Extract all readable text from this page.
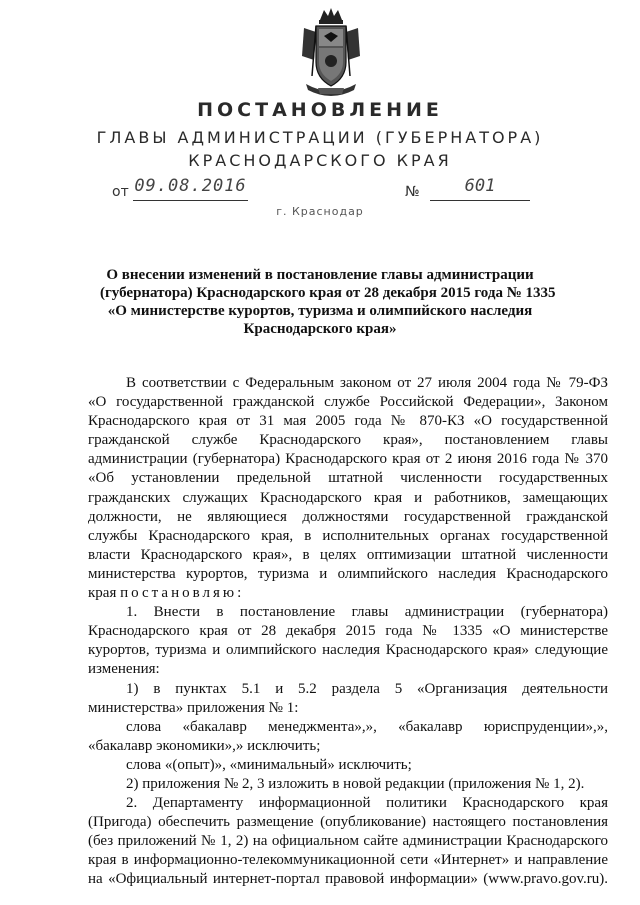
ПОСТАНОВЛЕНИЕ
ГЛАВЫ АДМИНИСТРАЦИИ (ГУБЕРНАТОРА)
КРАСНОДАРСКОГО КРАЯ
от 09.08.2016	№	601
г. Краснодар
О внесении изменений в постановление главы администрации
(губернатора) Краснодарского края от 28 декабря 2015 года № 1335
«О министерстве курортов, туризма и олимпийского наследия
Краснодарского края»
В соответствии с Федеральным законом от 27 июля 2004 года № 79-ФЗ
«О государственной гражданской службе Российской Федерации», Законом
Краснодарского края от 31 мая 2005 года № 870-КЗ «О государственной
гражданской службе Краснодарского края», постановлением главы
администрации (губернатора) Краснодарского края от 2 июня 2016 года № 370
«Об установлении предельной штатной численности государственных
гражданских служащих Краснодарского края и работников, замещающих
должности, не являющиеся должностями государственной гражданской
службы Краснодарского края, в исполнительных органах государственной
власти Краснодарского края», в целях оптимизации штатной численности
министерства курортов, туризма и олимпийского наследия Краснодарского
края постановляю:
1. Внести в постановление главы администрации (губернатора)
Краснодарского края от 28 декабря 2015 года № 1335 «О министерстве
курортов, туризма и олимпийского наследия Краснодарского края» следующие
изменения:
1) в пунктах 5.1 и 5.2 раздела 5 «Организация деятельности
министерства» приложения № 1:
слова «бакалавр менеджмента»,», «бакалавр юриспруденции»,»,
«бакалавр экономики»,» исключить;
слова «(опыт)», «минимальный» исключить;
2) приложения № 2, 3 изложить в новой редакции (приложения № 1, 2).
2. Департаменту информационной политики Краснодарского края
(Пригода) обеспечить размещение (опубликование) настоящего постановления
(без приложений № 1, 2) на официальном сайте администрации Краснодарского
края в информационно-телекоммуникационной сети «Интернет» и направление
на «Официальный интернет-портал правовой информации» (www.pravo.gov.ru).
